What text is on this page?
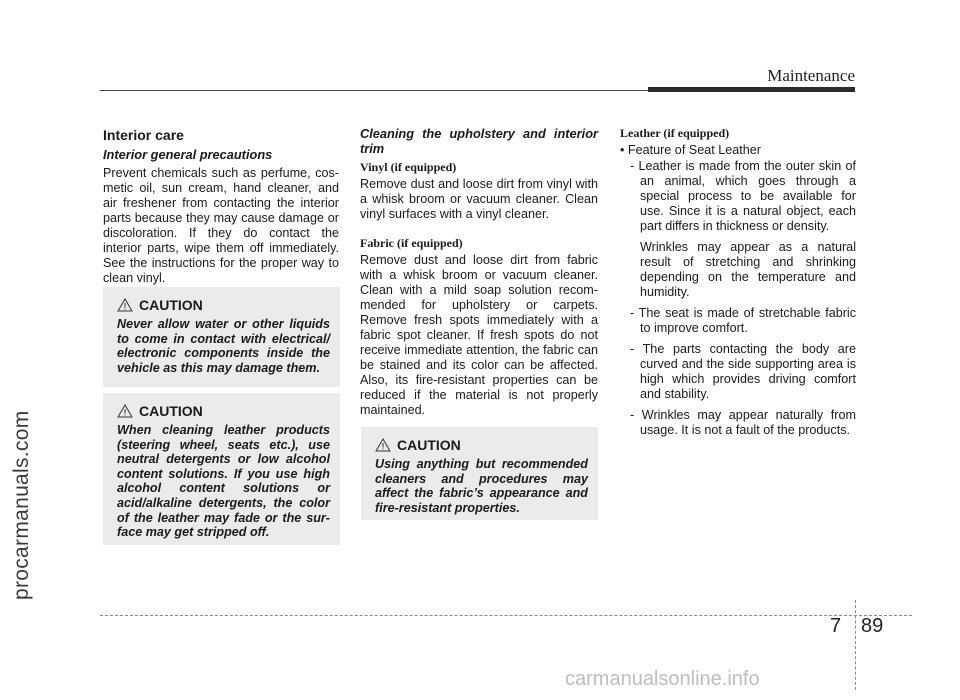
procarmanuals.com
Maintenance
Interior care
Interior general precautions

Prevent chemicals such as perfume, cos-metic oil, sun cream, hand cleaner, and air freshener from contacting the interior parts because they may cause damage or discoloration. If they do contact the interior parts, wipe them off immediately. See the instructions for the proper way to clean vinyl.

CAUTION
Never allow water or other liquids to come in contact with electrical/ electronic components inside the vehicle as this may damage them.
CAUTION
When cleaning leather products (steering wheel, seats etc.), use neutral detergents or low alcohol content solutions. If you use high alcohol content solutions or acid/alkaline detergents, the color of the leather may fade or the sur-face may get stripped off.
Cleaning the upholstery and interior trim
Vinyl (if equipped)

Remove dust and loose dirt from vinyl with a whisk broom or vacuum cleaner. Clean vinyl surfaces with a vinyl cleaner.

Fabric (if equipped)

Remove dust and loose dirt from fabric with a whisk broom or vacuum cleaner. Clean with a mild soap solution recom-mended for upholstery or carpets. Remove fresh spots immediately with a fabric spot cleaner. If fresh spots do not receive immediate attention, the fabric can be stained and its color can be affected. Also, its fire-resistant properties can be reduced if the material is not properly maintained.

CAUTION
Using anything but recommended cleaners and procedures may affect the fabric’s appearance and fire-resistant properties.
Leather (if equipped)
• Feature of Seat Leather
- Leather is made from the outer skin of an animal, which goes through a special process to be available for use. Since it is a natural object, each part differs in thickness or density.
Wrinkles may appear as a natural result of stretching and shrinking depending on the temperature and humidity.
- The seat is made of stretchable fabric to improve comfort.
- The parts contacting the body are curved and the side supporting area is high which provides driving comfort and stability.
- Wrinkles may appear naturally from usage. It is not a fault of the products.
7 89
carmanualsonline.info
